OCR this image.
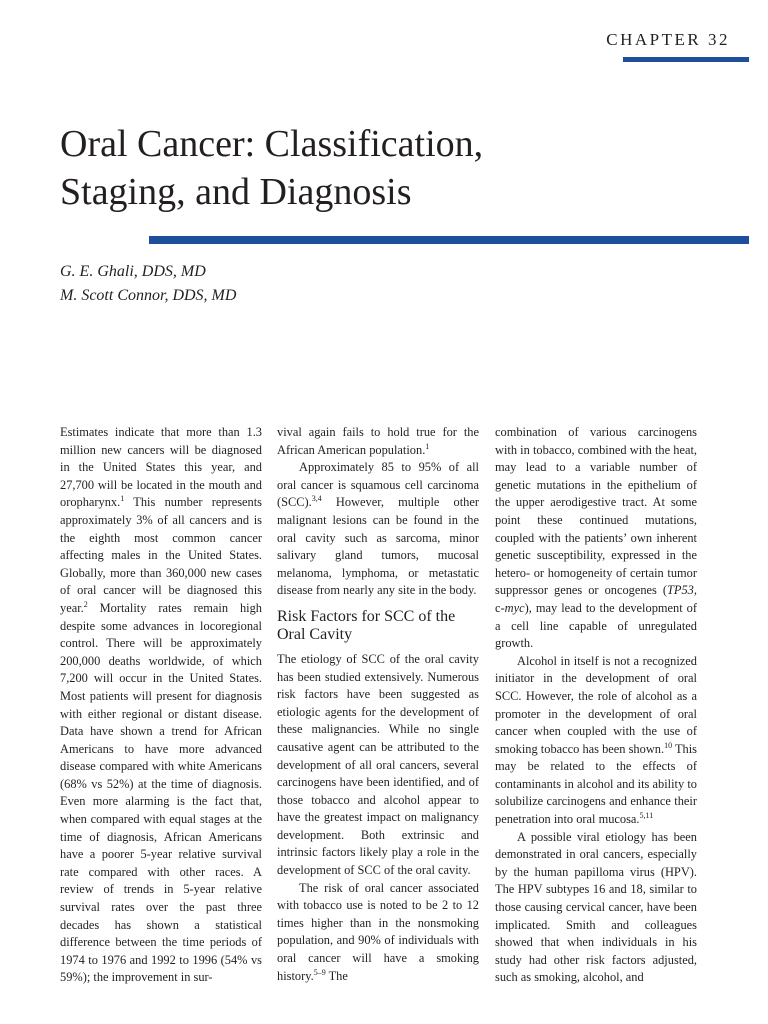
CHAPTER 32
Oral Cancer: Classification,
Staging, and Diagnosis
G. E. Ghali, DDS, MD
M. Scott Connor, DDS, MD

Estimates indicate that more than 1.3 million new cancers will be diagnosed in the United States this year, and 27,700 will be located in the mouth and oropharynx.$^1$ This number represents approximately 3% of all cancers and is the eighth most common cancer affecting males in the United States. Globally, more than 360,000 new cases of oral cancer will be diagnosed this year.$^2$ Mortality rates remain high despite some advances in locoregional control. There will be approximately 200,000 deaths worldwide, of which 7,200 will occur in the United States. Most patients will present for diagnosis with either regional or distant disease. Data have shown a trend for African Americans to have more advanced disease compared with white Americans (68% vs 52%) at the time of diagnosis. Even more alarming is the fact that, when compared with equal stages at the time of diagnosis, African Americans have a poorer 5-year relative survival rate compared with other races. A review of trends in 5-year relative survival rates over the past three decades has shown a statistical difference between the time periods of 1974 to 1976 and 1992 to 1996 (54% vs 59%); the improvement in sur-

vival again fails to hold true for the African American population.$^1$

Approximately 85 to 95% of all oral cancer is squamous cell carcinoma (SCC).$^{3,4}$ However, multiple other malignant lesions can be found in the oral cavity such as sarcoma, minor salivary gland tumors, mucosal melanoma, lymphoma, or metastatic disease from nearly any site in the body.

Risk Factors for SCC of the Oral Cavity

The etiology of SCC of the oral cavity has been studied extensively. Numerous risk factors have been suggested as etiologic agents for the development of these malignancies. While no single causative agent can be attributed to the development of all oral cancers, several carcinogens have been identified, and of those tobacco and alcohol appear to have the greatest impact on malignancy development. Both extrinsic and intrinsic factors likely play a role in the development of SCC of the oral cavity.

The risk of oral cancer associated with tobacco use is noted to be 2 to 12 times higher than in the nonsmoking population, and 90% of individuals with oral cancer will have a smoking history.$^{5-9}$ The

combination of various carcinogens with in tobacco, combined with the heat, may lead to a variable number of genetic mutations in the epithelium of the upper aerodigestive tract. At some point these continued mutations, coupled with the patients’ own inherent genetic susceptibility, expressed in the hetero- or homogeneity of certain tumor suppressor genes or oncogenes (TP53, c-myc), may lead to the development of a cell line capable of unregulated growth.

Alcohol in itself is not a recognized initiator in the development of oral SCC. However, the role of alcohol as a promoter in the development of oral cancer when coupled with the use of smoking tobacco has been shown.$^{10}$ This may be related to the effects of contaminants in alcohol and its ability to solubilize carcinogens and enhance their penetration into oral mucosa.$^{5,11}$

A possible viral etiology has been demonstrated in oral cancers, especially by the human papilloma virus (HPV). The HPV subtypes 16 and 18, similar to those causing cervical cancer, have been implicated. Smith and colleagues showed that when individuals in his study had other risk factors adjusted, such as smoking, alcohol, and
